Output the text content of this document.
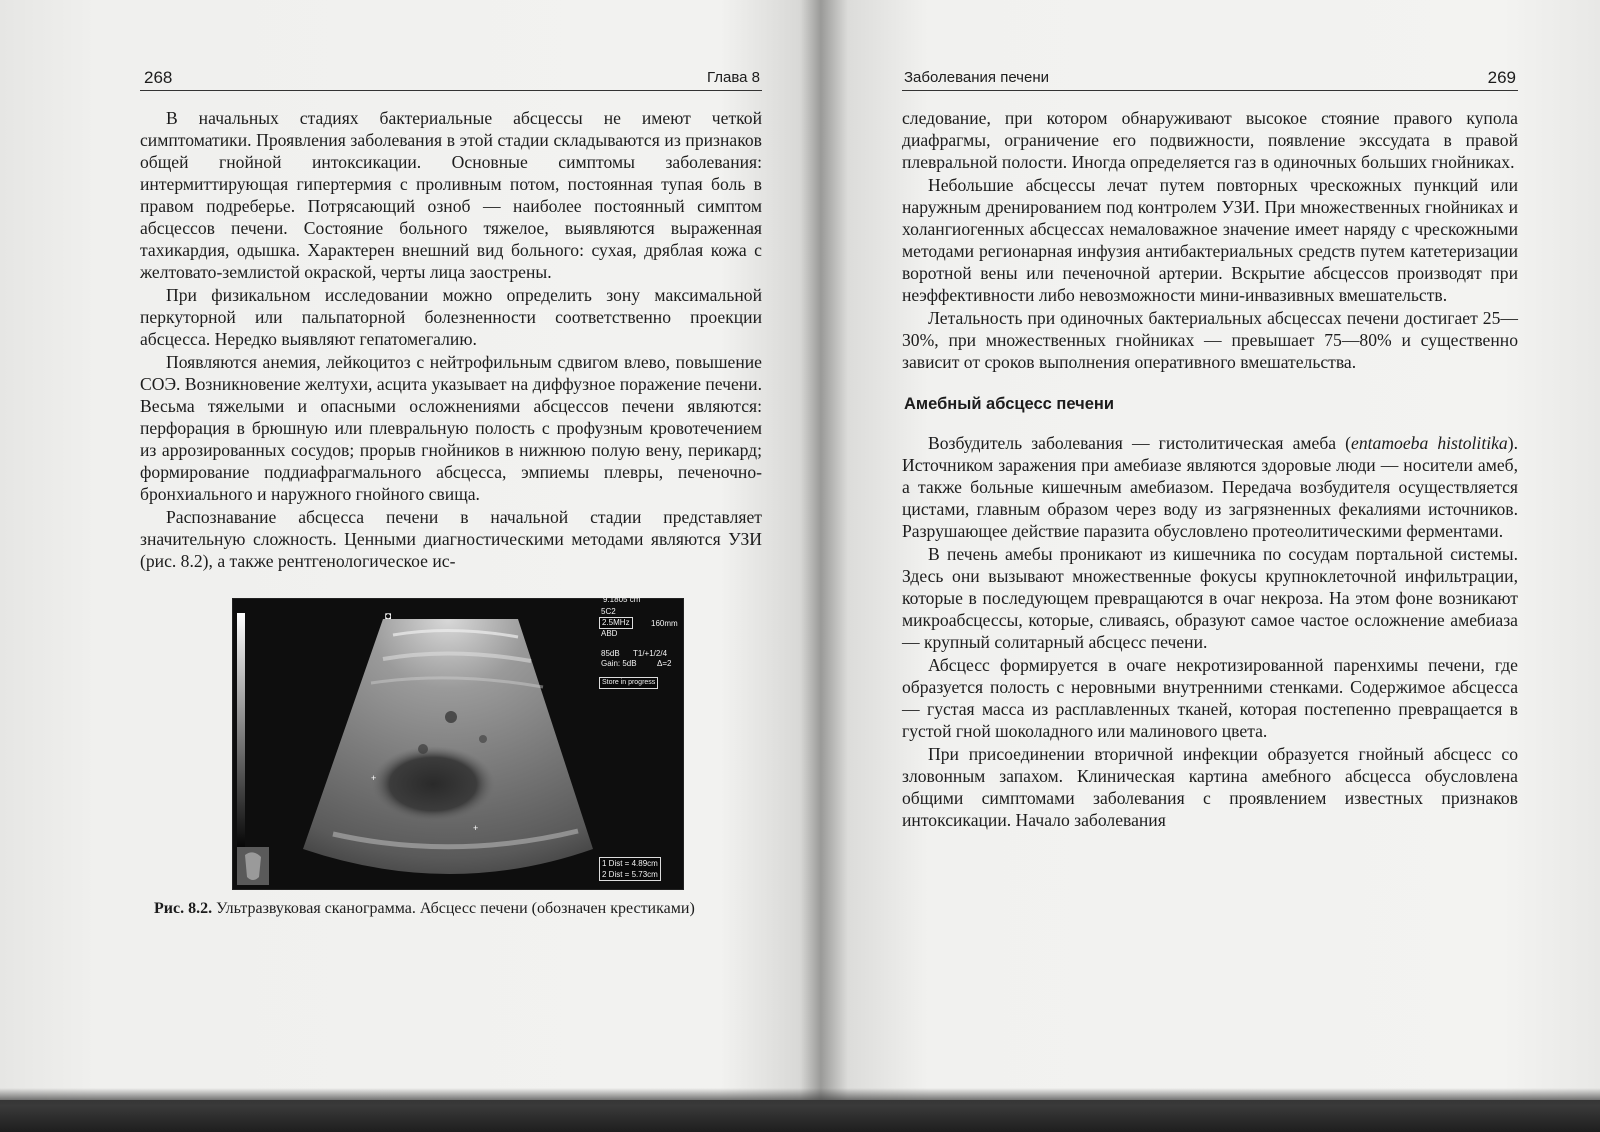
268	Глава 8

В начальных стадиях бактериальные абсцессы не имеют четкой симптоматики. Проявления заболевания в этой стадии складываются из признаков общей гнойной интоксикации. Основные симптомы заболевания: интермиттирующая гипертермия с проливным потом, постоянная тупая боль в правом подреберье. Потрясающий озноб — наиболее постоянный симптом абсцессов печени. Состояние больного тяжелое, выявляются выраженная тахикардия, одышка. Характерен внешний вид больного: сухая, дряблая кожа с желтовато-землистой окраской, черты лица заострены.

При физикальном исследовании можно определить зону максимальной перкуторной или пальпаторной болезненности соответственно проекции абсцесса. Нередко выявляют гепатомегалию.

Появляются анемия, лейкоцитоз с нейтрофильным сдвигом влево, повышение СОЭ. Возникновение желтухи, асцита указывает на диффузное поражение печени. Весьма тяжелыми и опасными осложнениями абсцессов печени являются: перфорация в брюшную или плевральную полость с профузным кровотечением из аррозированных сосудов; прорыв гнойников в нижнюю полую вену, перикард; формирование поддиафрагмального абсцесса, эмпиемы плевры, печеночно-бронхиального и наружного гнойного свища.

Распознавание абсцесса печени в начальной стадии представляет значительную сложность. Ценными диагностическими методами являются УЗИ (рис. 8.2), а также рентгенологическое ис-

+
+
◘
9.1805 cm
5C2
2.5MHz
ABD
160mm
85dB
Gain: 5dB
T1/+1/2/4
Δ=2
Store in progress
1 Dist = 4.89cm
2 Dist = 5.73cm

Рис. 8.2. Ультразвуковая сканограмма. Абсцесс печени (обозначен крестиками)

Заболевания печени	269

следование, при котором обнаруживают высокое стояние правого купола диафрагмы, ограничение его подвижности, появление экссудата в правой плевральной полости. Иногда определяется газ в одиночных больших гнойниках.

Небольшие абсцессы лечат путем повторных чрескожных пункций или наружным дренированием под контролем УЗИ. При множественных гнойниках и холангиогенных абсцессах немаловажное значение имеет наряду с чрескожными методами регионарная инфузия антибактериальных средств путем катетеризации воротной вены или печеночной артерии. Вскрытие абсцессов производят при неэффективности либо невозможности мини-инвазивных вмешательств.

Летальность при одиночных бактериальных абсцессах печени достигает 25—30%, при множественных гнойниках — превышает 75—80% и существенно зависит от сроков выполнения оперативного вмешательства.

Амебный абсцесс печени

Возбудитель заболевания — гистолитическая амеба (entamoeba histolitika). Источником заражения при амебиазе являются здоровые люди — носители амеб, а также больные кишечным амебиазом. Передача возбудителя осуществляется цистами, главным образом через воду из загрязненных фекалиями источников. Разрушающее действие паразита обусловлено протеолитическими ферментами.

В печень амебы проникают из кишечника по сосудам портальной системы. Здесь они вызывают множественные фокусы крупноклеточной инфильтрации, которые в последующем превращаются в очаг некроза. На этом фоне возникают микроабсцессы, которые, сливаясь, образуют самое частое осложнение амебиаза — крупный солитарный абсцесс печени.

Абсцесс формируется в очаге некротизированной паренхимы печени, где образуется полость с неровными внутренними стенками. Содержимое абсцесса — густая масса из расплавленных тканей, которая постепенно превращается в густой гной шоколадного или малинового цвета.

При присоединении вторичной инфекции образуется гнойный абсцесс со зловонным запахом. Клиническая картина амебного абсцесса обусловлена общими симптомами заболевания с проявлением известных признаков интоксикации. Начало заболевания
